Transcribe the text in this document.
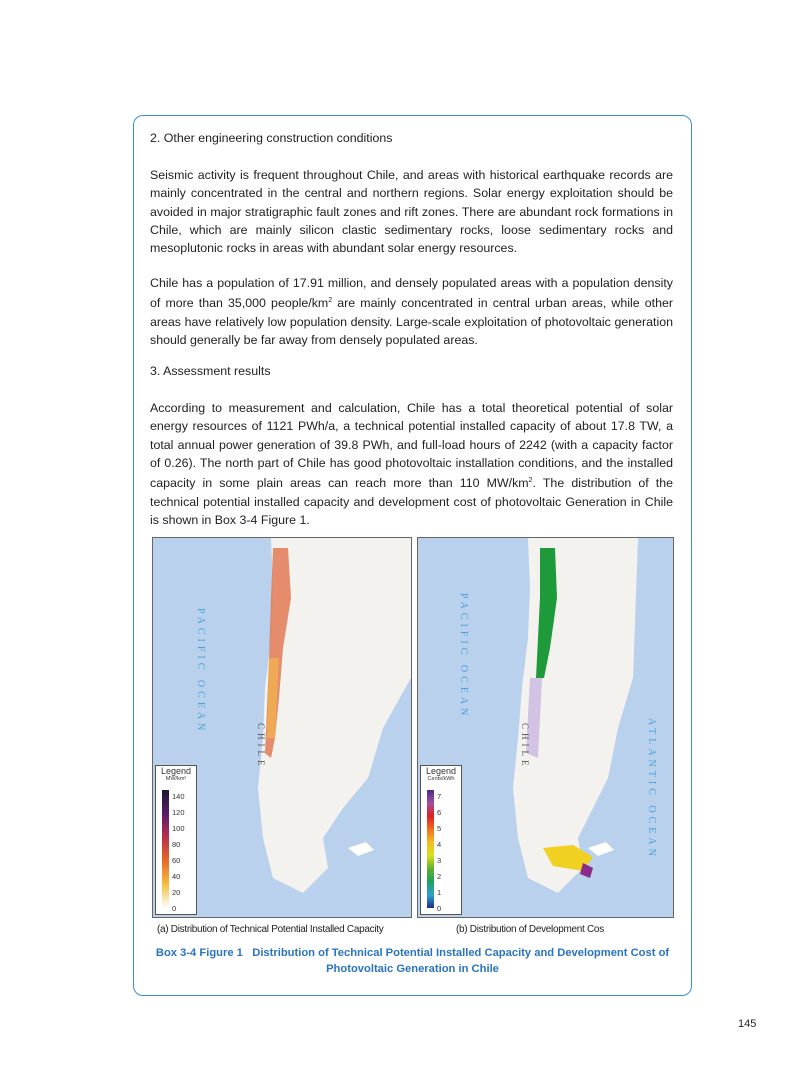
2. Other engineering construction conditions
Seismic activity is frequent throughout Chile, and areas with historical earthquake records are mainly concentrated in the central and northern regions. Solar energy exploitation should be avoided in major stratigraphic fault zones and rift zones. There are abundant rock formations in Chile, which are mainly silicon clastic sedimentary rocks, loose sedimentary rocks and mesoplutonic rocks in areas with abundant solar energy resources.
Chile has a population of 17.91 million, and densely populated areas with a population density of more than 35,000 people/$km^2$ are mainly concentrated in central urban areas, while other areas have relatively low population density. Large-scale exploitation of photovoltaic generation should generally be far away from densely populated areas.
3. Assessment results
According to measurement and calculation, Chile has a total theoretical potential of solar energy resources of 1121 PWh/a, a technical potential installed capacity of about 17.8 TW, a total annual power generation of 39.8 PWh, and full-load hours of 2242 (with a capacity factor of 0.26). The north part of Chile has good photovoltaic installation conditions, and the installed capacity in some plain areas can reach more than 110 $MW/km^2$. The distribution of the technical potential installed capacity and development cost of photovoltaic Generation in Chile is shown in Box 3-4 Figure 1.
PACIFIC OCEAN
CHILE
Legend
MW/km²
140
120
100
80
60
40
20
0
PACIFIC OCEAN
ATLANTIC OCEAN
CHILE
Legend
Cents/kWh
7
6
5
4
3
2
1
0
(a) Distribution of Technical Potential Installed Capacity	(b) Distribution of Development Cos
Box 3-4 Figure 1 Distribution of Technical Potential Installed Capacity and Development Cost of Photovoltaic Generation in Chile
145
